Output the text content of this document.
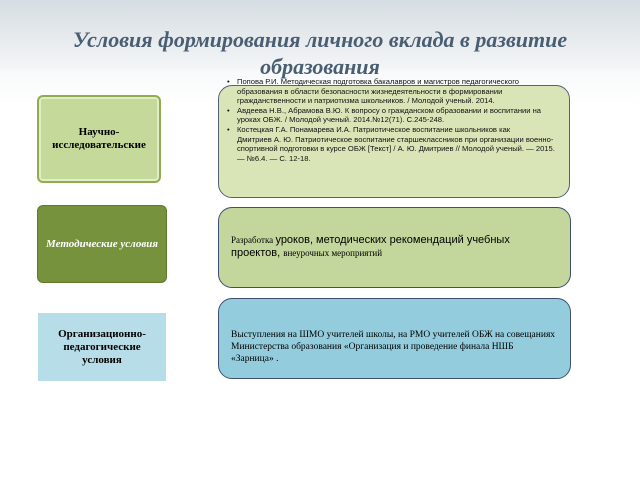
Условия формирования личного вклада в развитие образования
Научно-исследовательские
Методические условия
Организационно-педагогические условия
• Попова Р.И. Методическая подготовка бакалавров и магистров педагогического образования в области безопасности жизнедеятельности в формировании гражданственности и патриотизма школьников. / Молодой ученый. 2014.
• Авдеева Н.В., Абрамова В.Ю. К вопросу о гражданском образовании и воспитании на уроках ОБЖ. / Молодой ученый. 2014.№12(71). С.245-248.
• Костецкая Г.А. Понамарева И.А. Патриотическое воспитание школьников как
Дмитриев А. Ю. Патриотическое воспитание старшеклассников при организации военно-спортивной подготовки в курсе ОБЖ [Текст] / А. Ю. Дмитриев // Молодой ученый. — 2015. — №6.4. — С. 12-18.
Разработка уроков, методических рекомендаций учебных проектов, внеурочных мероприятий
Выступления на ШМО учителей школы, на РМО учителей ОБЖ на совещаниях Министерства образования «Организация и проведение финала НШБ «Зарница» .
